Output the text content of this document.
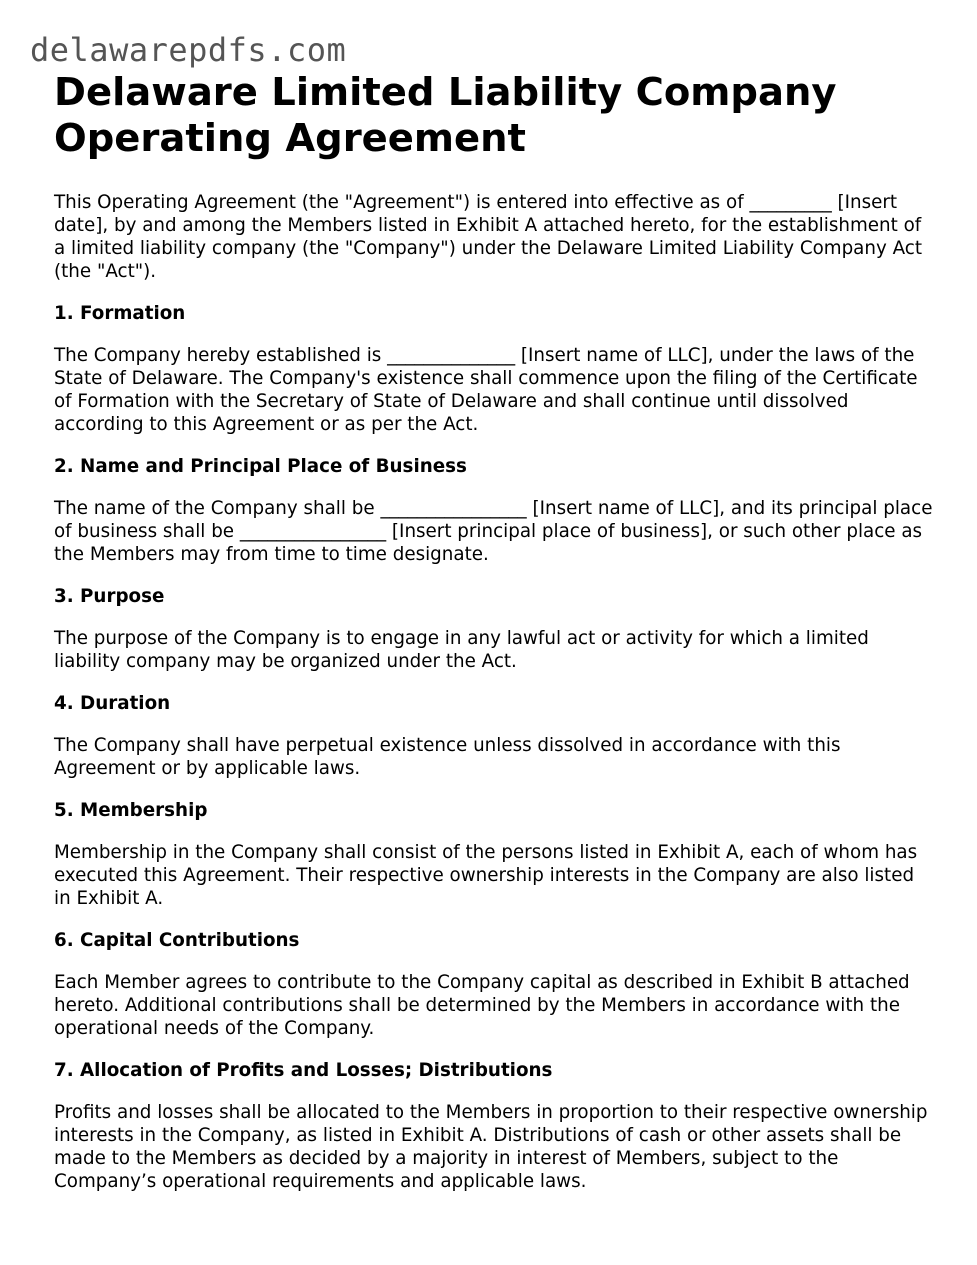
delawarepdfs.com
Delaware Limited Liability Company
Operating Agreement

This Operating Agreement (the "Agreement") is entered into effective as of _________ [Insert date], by and among the Members listed in Exhibit A attached hereto, for the establishment of a limited liability company (the "Company") under the Delaware Limited Liability Company Act (the "Act").

1. Formation

The Company hereby established is ______________ [Insert name of LLC], under the laws of the State of Delaware. The Company's existence shall commence upon the filing of the Certificate of Formation with the Secretary of State of Delaware and shall continue until dissolved according to this Agreement or as per the Act.

2. Name and Principal Place of Business

The name of the Company shall be ________________ [Insert name of LLC], and its principal place of business shall be ________________ [Insert principal place of business], or such other place as the Members may from time to time designate.

3. Purpose

The purpose of the Company is to engage in any lawful act or activity for which a limited liability company may be organized under the Act.

4. Duration

The Company shall have perpetual existence unless dissolved in accordance with this Agreement or by applicable laws.

5. Membership

Membership in the Company shall consist of the persons listed in Exhibit A, each of whom has executed this Agreement. Their respective ownership interests in the Company are also listed in Exhibit A.

6. Capital Contributions

Each Member agrees to contribute to the Company capital as described in Exhibit B attached hereto. Additional contributions shall be determined by the Members in accordance with the operational needs of the Company.

7. Allocation of Profits and Losses; Distributions

Profits and losses shall be allocated to the Members in proportion to their respective ownership interests in the Company, as listed in Exhibit A. Distributions of cash or other assets shall be made to the Members as decided by a majority in interest of Members, subject to the Company’s operational requirements and applicable laws.
